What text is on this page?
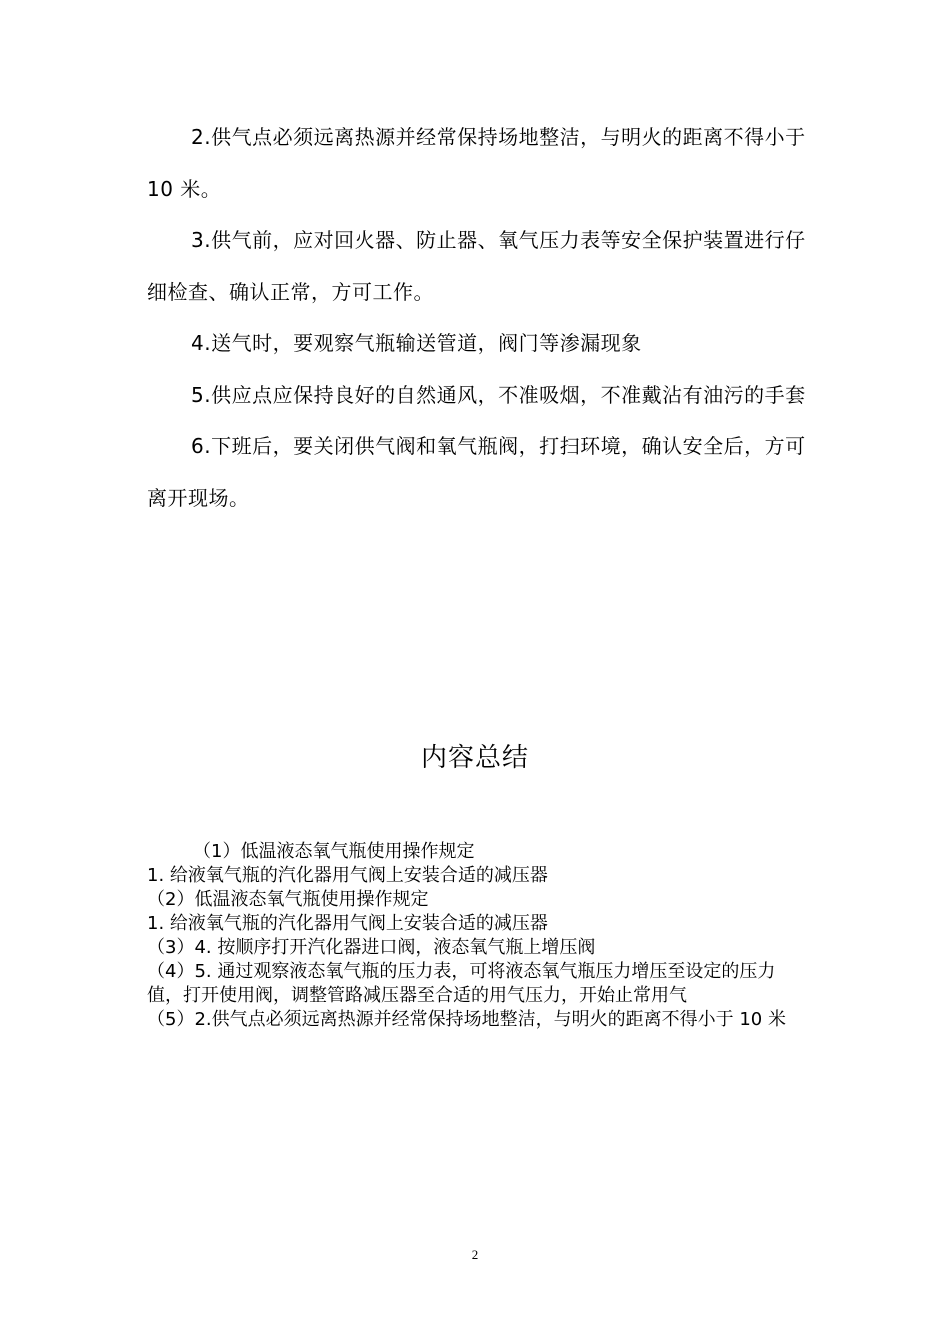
2.供气点必须远离热源并经常保持场地整洁，与明火的距离不得小于 10 米。

3.供气前，应对回火器、防止器、氧气压力表等安全保护装置进行仔细检查、确认正常，方可工作。

4.送气时，要观察气瓶输送管道，阀门等渗漏现象

5.供应点应保持良好的自然通风，不准吸烟，不准戴沾有油污的手套

6.下班后，要关闭供气阀和氧气瓶阀，打扫环境，确认安全后，方可离开现场。

内容总结

（1）低温液态氧气瓶使用操作规定

1. 给液氧气瓶的汽化器用气阀上安装合适的减压器

（2）低温液态氧气瓶使用操作规定

1. 给液氧气瓶的汽化器用气阀上安装合适的减压器

（3）4. 按顺序打开汽化器进口阀，液态氧气瓶上增压阀

（4）5. 通过观察液态氧气瓶的压力表，可将液态氧气瓶压力增压至设定的压力值，打开使用阀，调整管路减压器至合适的用气压力，开始止常用气

（5）2.供气点必须远离热源并经常保持场地整洁，与明火的距离不得小于 10 米

2
